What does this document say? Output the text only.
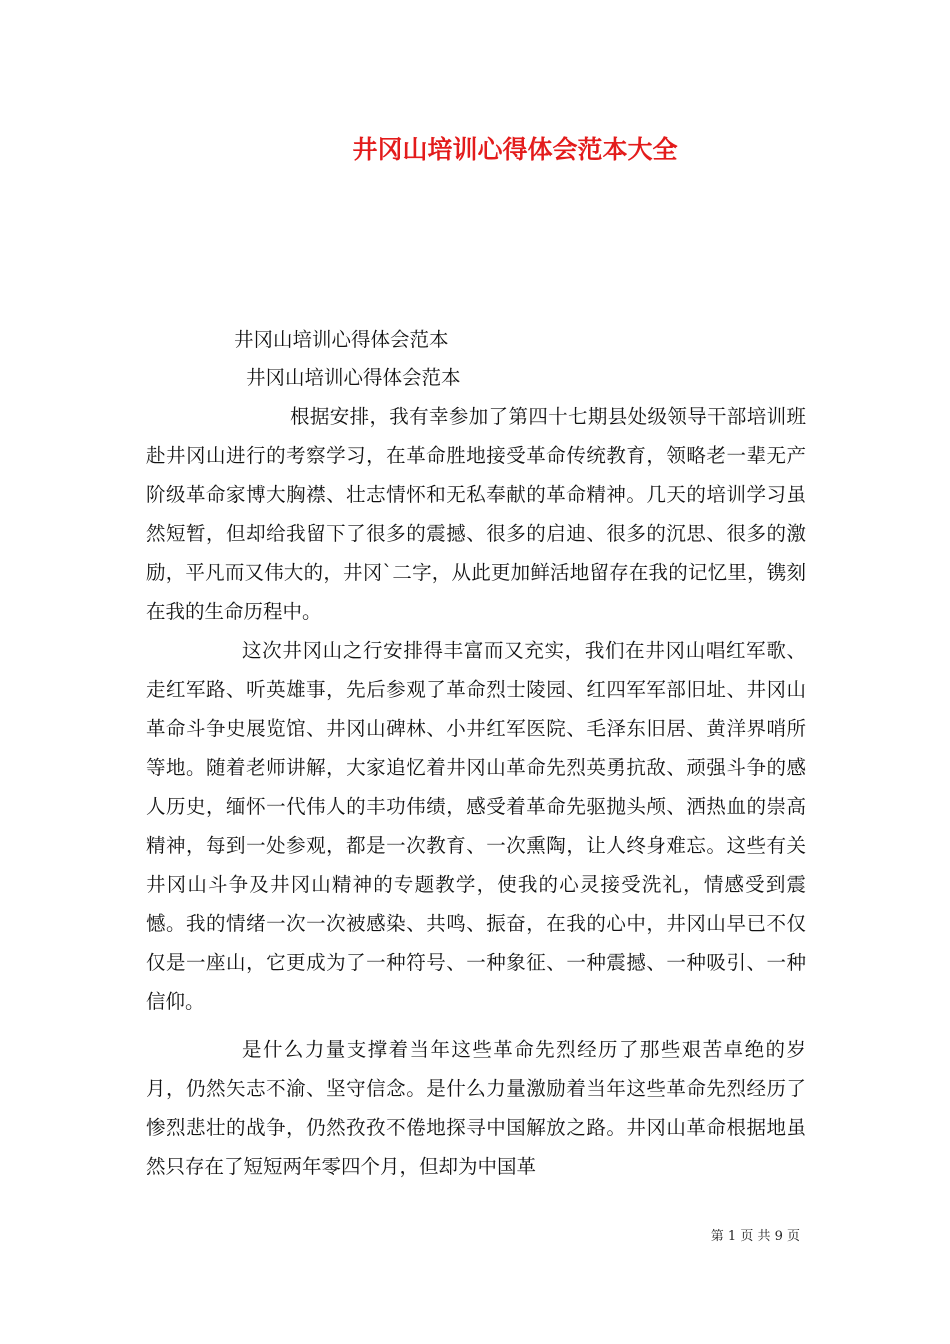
井冈山培训心得体会范本大全

井冈山培训心得体会范本

井冈山培训心得体会范本

根据安排，我有幸参加了第四十七期县处级领导干部培训班赴井冈山进行的考察学习，在革命胜地接受革命传统教育，领略老一辈无产阶级革命家博大胸襟、壮志情怀和无私奉献的革命精神。几天的培训学习虽然短暂，但却给我留下了很多的震撼、很多的启迪、很多的沉思、很多的激励，平凡而又伟大的，井冈`二字，从此更加鲜活地留存在我的记忆里，镌刻在我的生命历程中。

这次井冈山之行安排得丰富而又充实，我们在井冈山唱红军歌、走红军路、听英雄事，先后参观了革命烈士陵园、红四军军部旧址、井冈山革命斗争史展览馆、井冈山碑林、小井红军医院、毛泽东旧居、黄洋界哨所等地。随着老师讲解，大家追忆着井冈山革命先烈英勇抗敌、顽强斗争的感人历史，缅怀一代伟人的丰功伟绩，感受着革命先驱抛头颅、洒热血的崇高精神，每到一处参观，都是一次教育、一次熏陶，让人终身难忘。这些有关井冈山斗争及井冈山精神的专题教学，使我的心灵接受洗礼，情感受到震憾。我的情绪一次一次被感染、共鸣、振奋，在我的心中，井冈山早已不仅仅是一座山，它更成为了一种符号、一种象征、一种震撼、一种吸引、一种信仰。

是什么力量支撑着当年这些革命先烈经历了那些艰苦卓绝的岁月，仍然矢志不渝、坚守信念。是什么力量激励着当年这些革命先烈经历了惨烈悲壮的战争，仍然孜孜不倦地探寻中国解放之路。井冈山革命根据地虽然只存在了短短两年零四个月，但却为中国革

第 1 页 共 9 页
